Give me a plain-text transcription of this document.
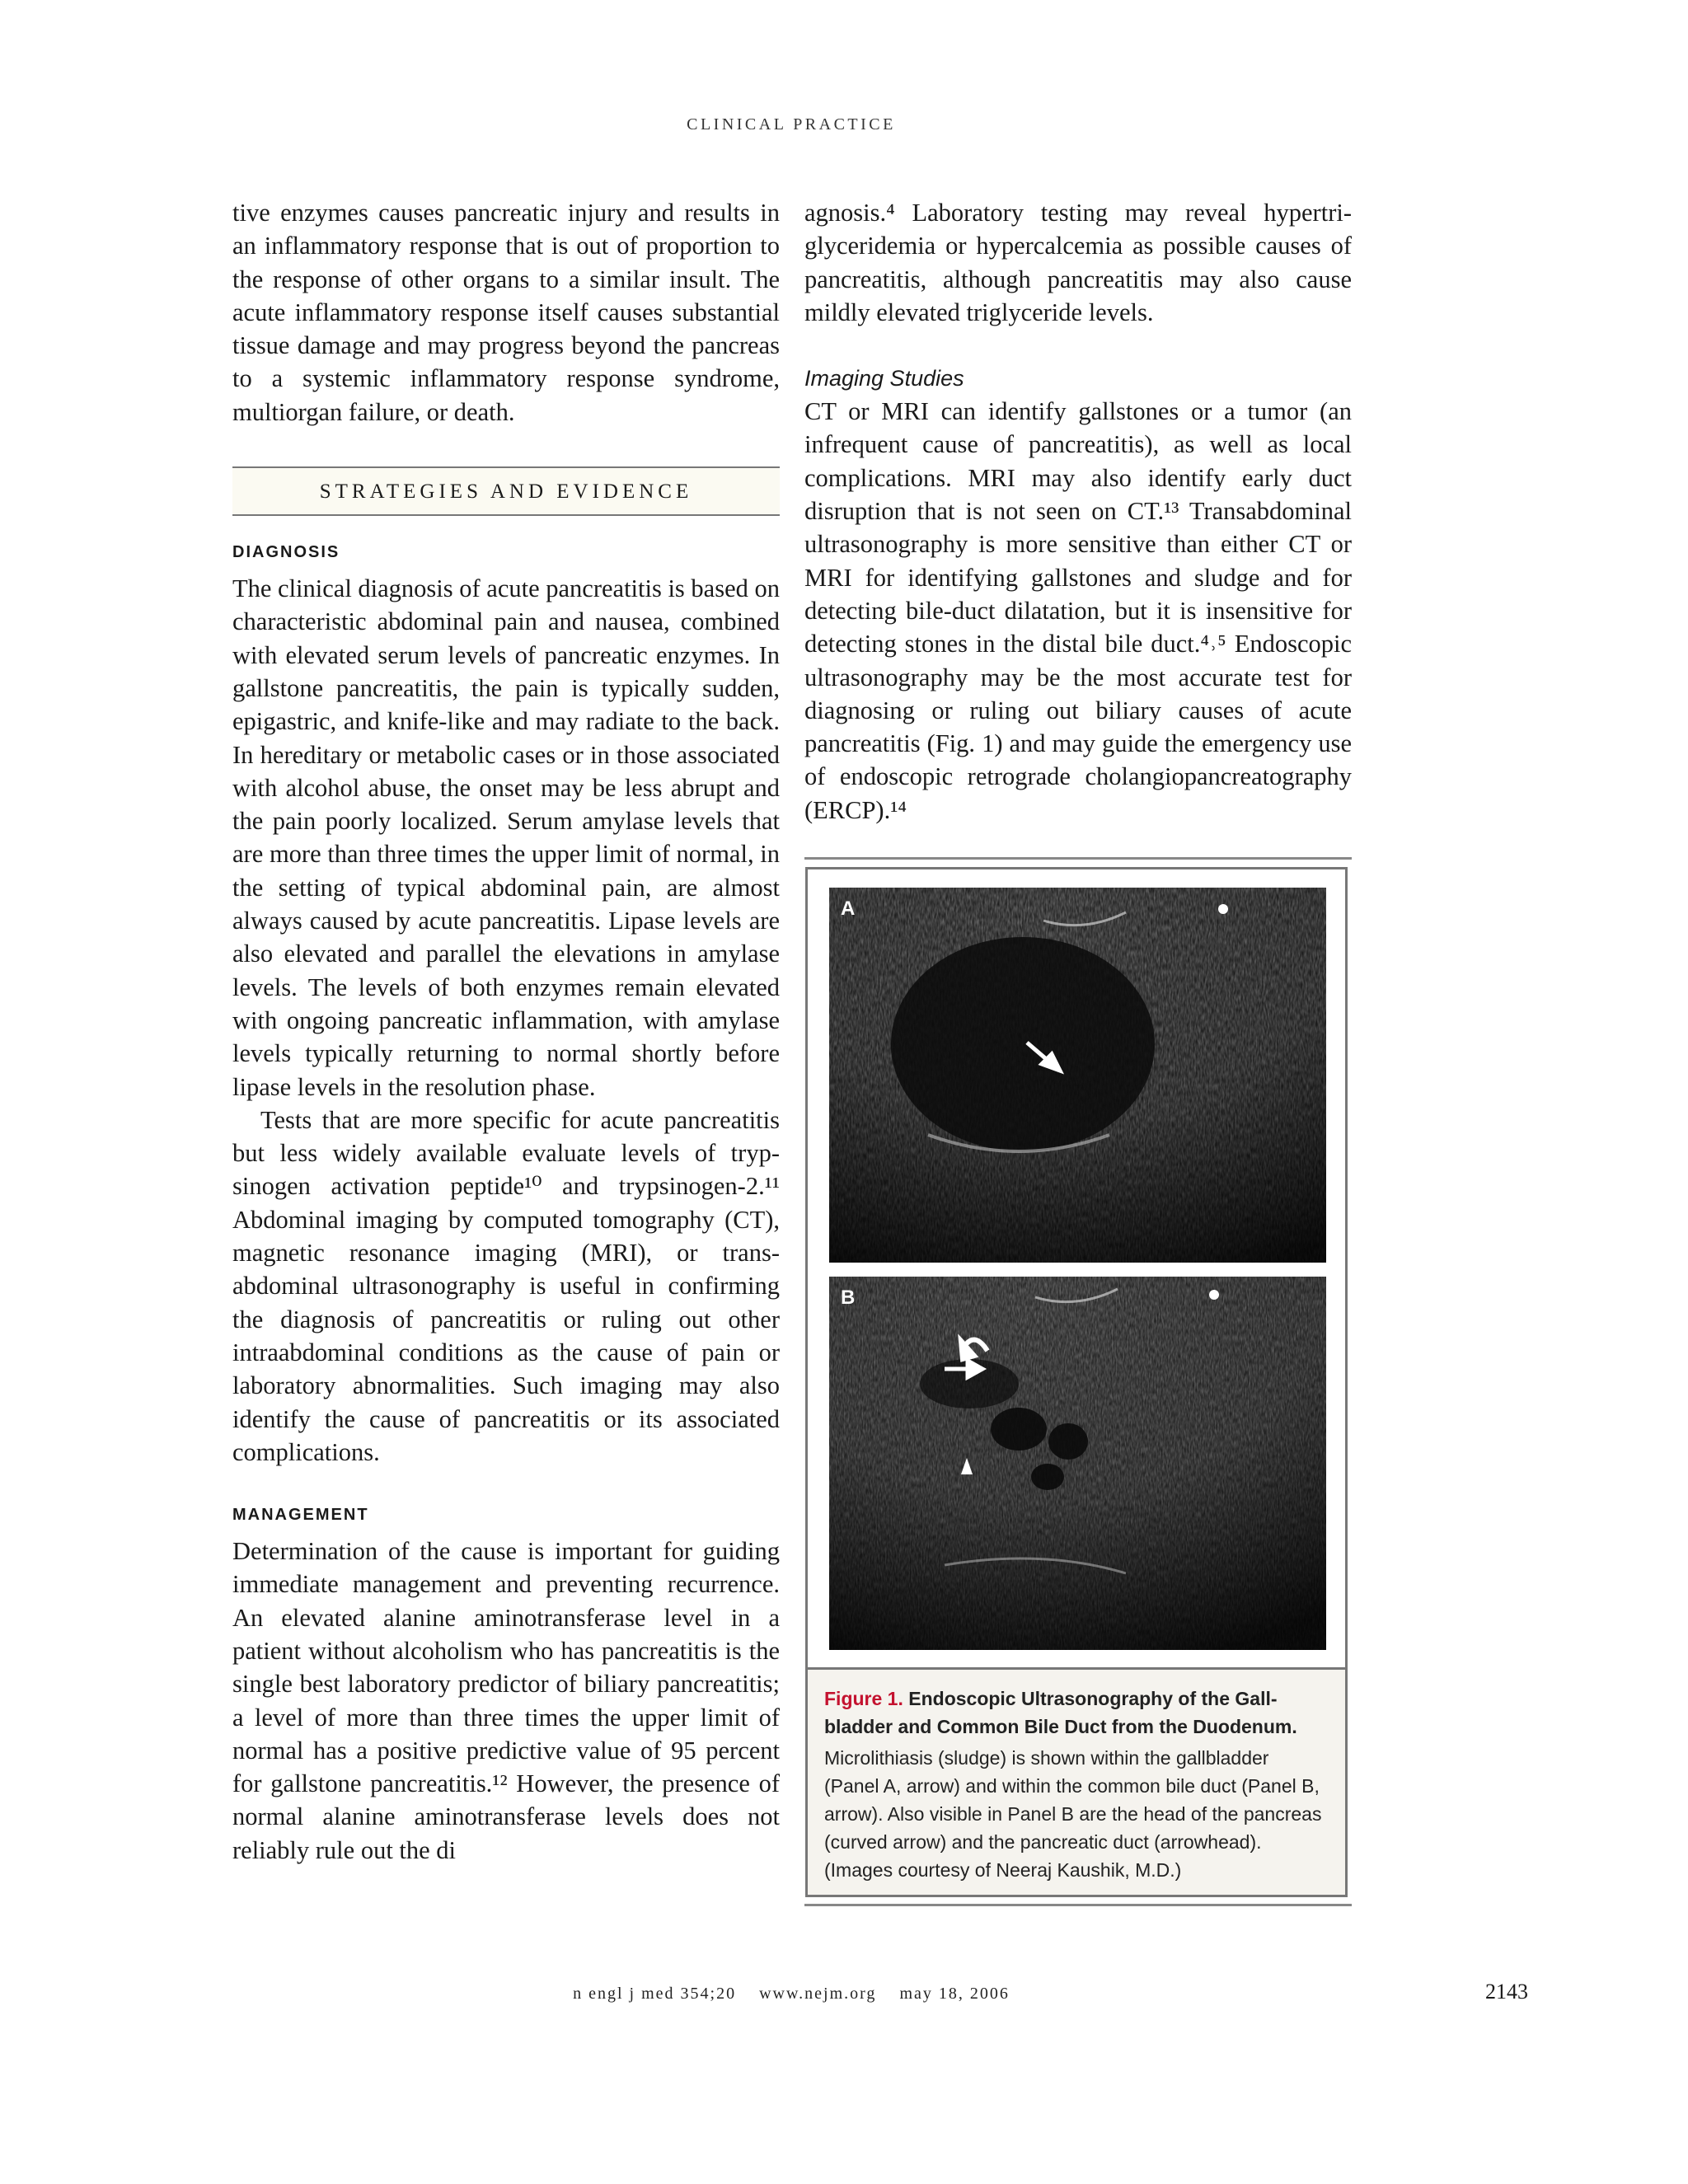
CLINICAL PRACTICE

tive enzymes causes pancreatic injury and results in an inflammatory response that is out of proportion to the response of other organs to a similar insult. The acute inflammatory response itself causes substantial tissue damage and may progress beyond the pancreas to a systemic inflammatory response syndrome, multiorgan failure, or death.

STRATEGIES AND EVIDENCE
DIAGNOSIS

The clinical diagnosis of acute pancreatitis is based on characteristic abdominal pain and nausea, combined with elevated serum levels of pancreatic enzymes. In gallstone pancreatitis, the pain is typically sudden, epigastric, and knife-like and may radiate to the back. In hereditary or metabolic cases or in those associated with alcohol abuse, the onset may be less abrupt and the pain poorly localized. Serum amylase levels that are more than three times the upper limit of normal, in the setting of typical abdominal pain, are almost always caused by acute pancreatitis. Lipase levels are also elevated and parallel the elevations in amylase levels. The levels of both enzymes remain elevated with ongoing pancreatic inflammation, with amylase levels typically returning to normal shortly before lipase levels in the resolution phase.

Tests that are more specific for acute pancreatitis but less widely available evaluate levels of trypsinogen activation peptide¹⁰ and trypsinogen-2.¹¹ Abdominal imaging by computed tomography (CT), magnetic resonance imaging (MRI), or transabdominal ultrasonography is useful in confirming the diagnosis of pancreatitis or ruling out other intraabdominal conditions as the cause of pain or laboratory abnormalities. Such imaging may also identify the cause of pancreatitis or its associated complications.

MANAGEMENT

Determination of the cause is important for guiding immediate management and preventing recurrence. An elevated alanine aminotransferase level in a patient without alcoholism who has pancreatitis is the single best laboratory predictor of biliary pancreatitis; a level of more than three times the upper limit of normal has a positive predictive value of 95 percent for gallstone pancreatitis.¹² However, the presence of normal alanine aminotransferase levels does not reliably rule out the di

agnosis.⁴ Laboratory testing may reveal hypertriglyceridemia or hypercalcemia as possible causes of pancreatitis, although pancreatitis may also cause mildly elevated triglyceride levels.

Imaging Studies

CT or MRI can identify gallstones or a tumor (an infrequent cause of pancreatitis), as well as local complications. MRI may also identify early duct disruption that is not seen on CT.¹³ Transabdominal ultrasonography is more sensitive than either CT or MRI for identifying gallstones and sludge and for detecting bile-duct dilatation, but it is insensitive for detecting stones in the distal bile duct.⁴˒⁵ Endoscopic ultrasonography may be the most accurate test for diagnosing or ruling out biliary causes of acute pancreatitis (Fig. 1) and may guide the emergency use of endoscopic retrograde cholangiopancreatography (ERCP).¹⁴

A
B

Figure 1. Endoscopic Ultrasonography of the Gallbladder and Common Bile Duct from the Duodenum.

Microlithiasis (sludge) is shown within the gallbladder (Panel A, arrow) and within the common bile duct (Panel B, arrow). Also visible in Panel B are the head of the pancreas (curved arrow) and the pancreatic duct (arrowhead). (Images courtesy of Neeraj Kaushik, M.D.)

n engl j med 354;20 www.nejm.org may 18, 2006	2143
